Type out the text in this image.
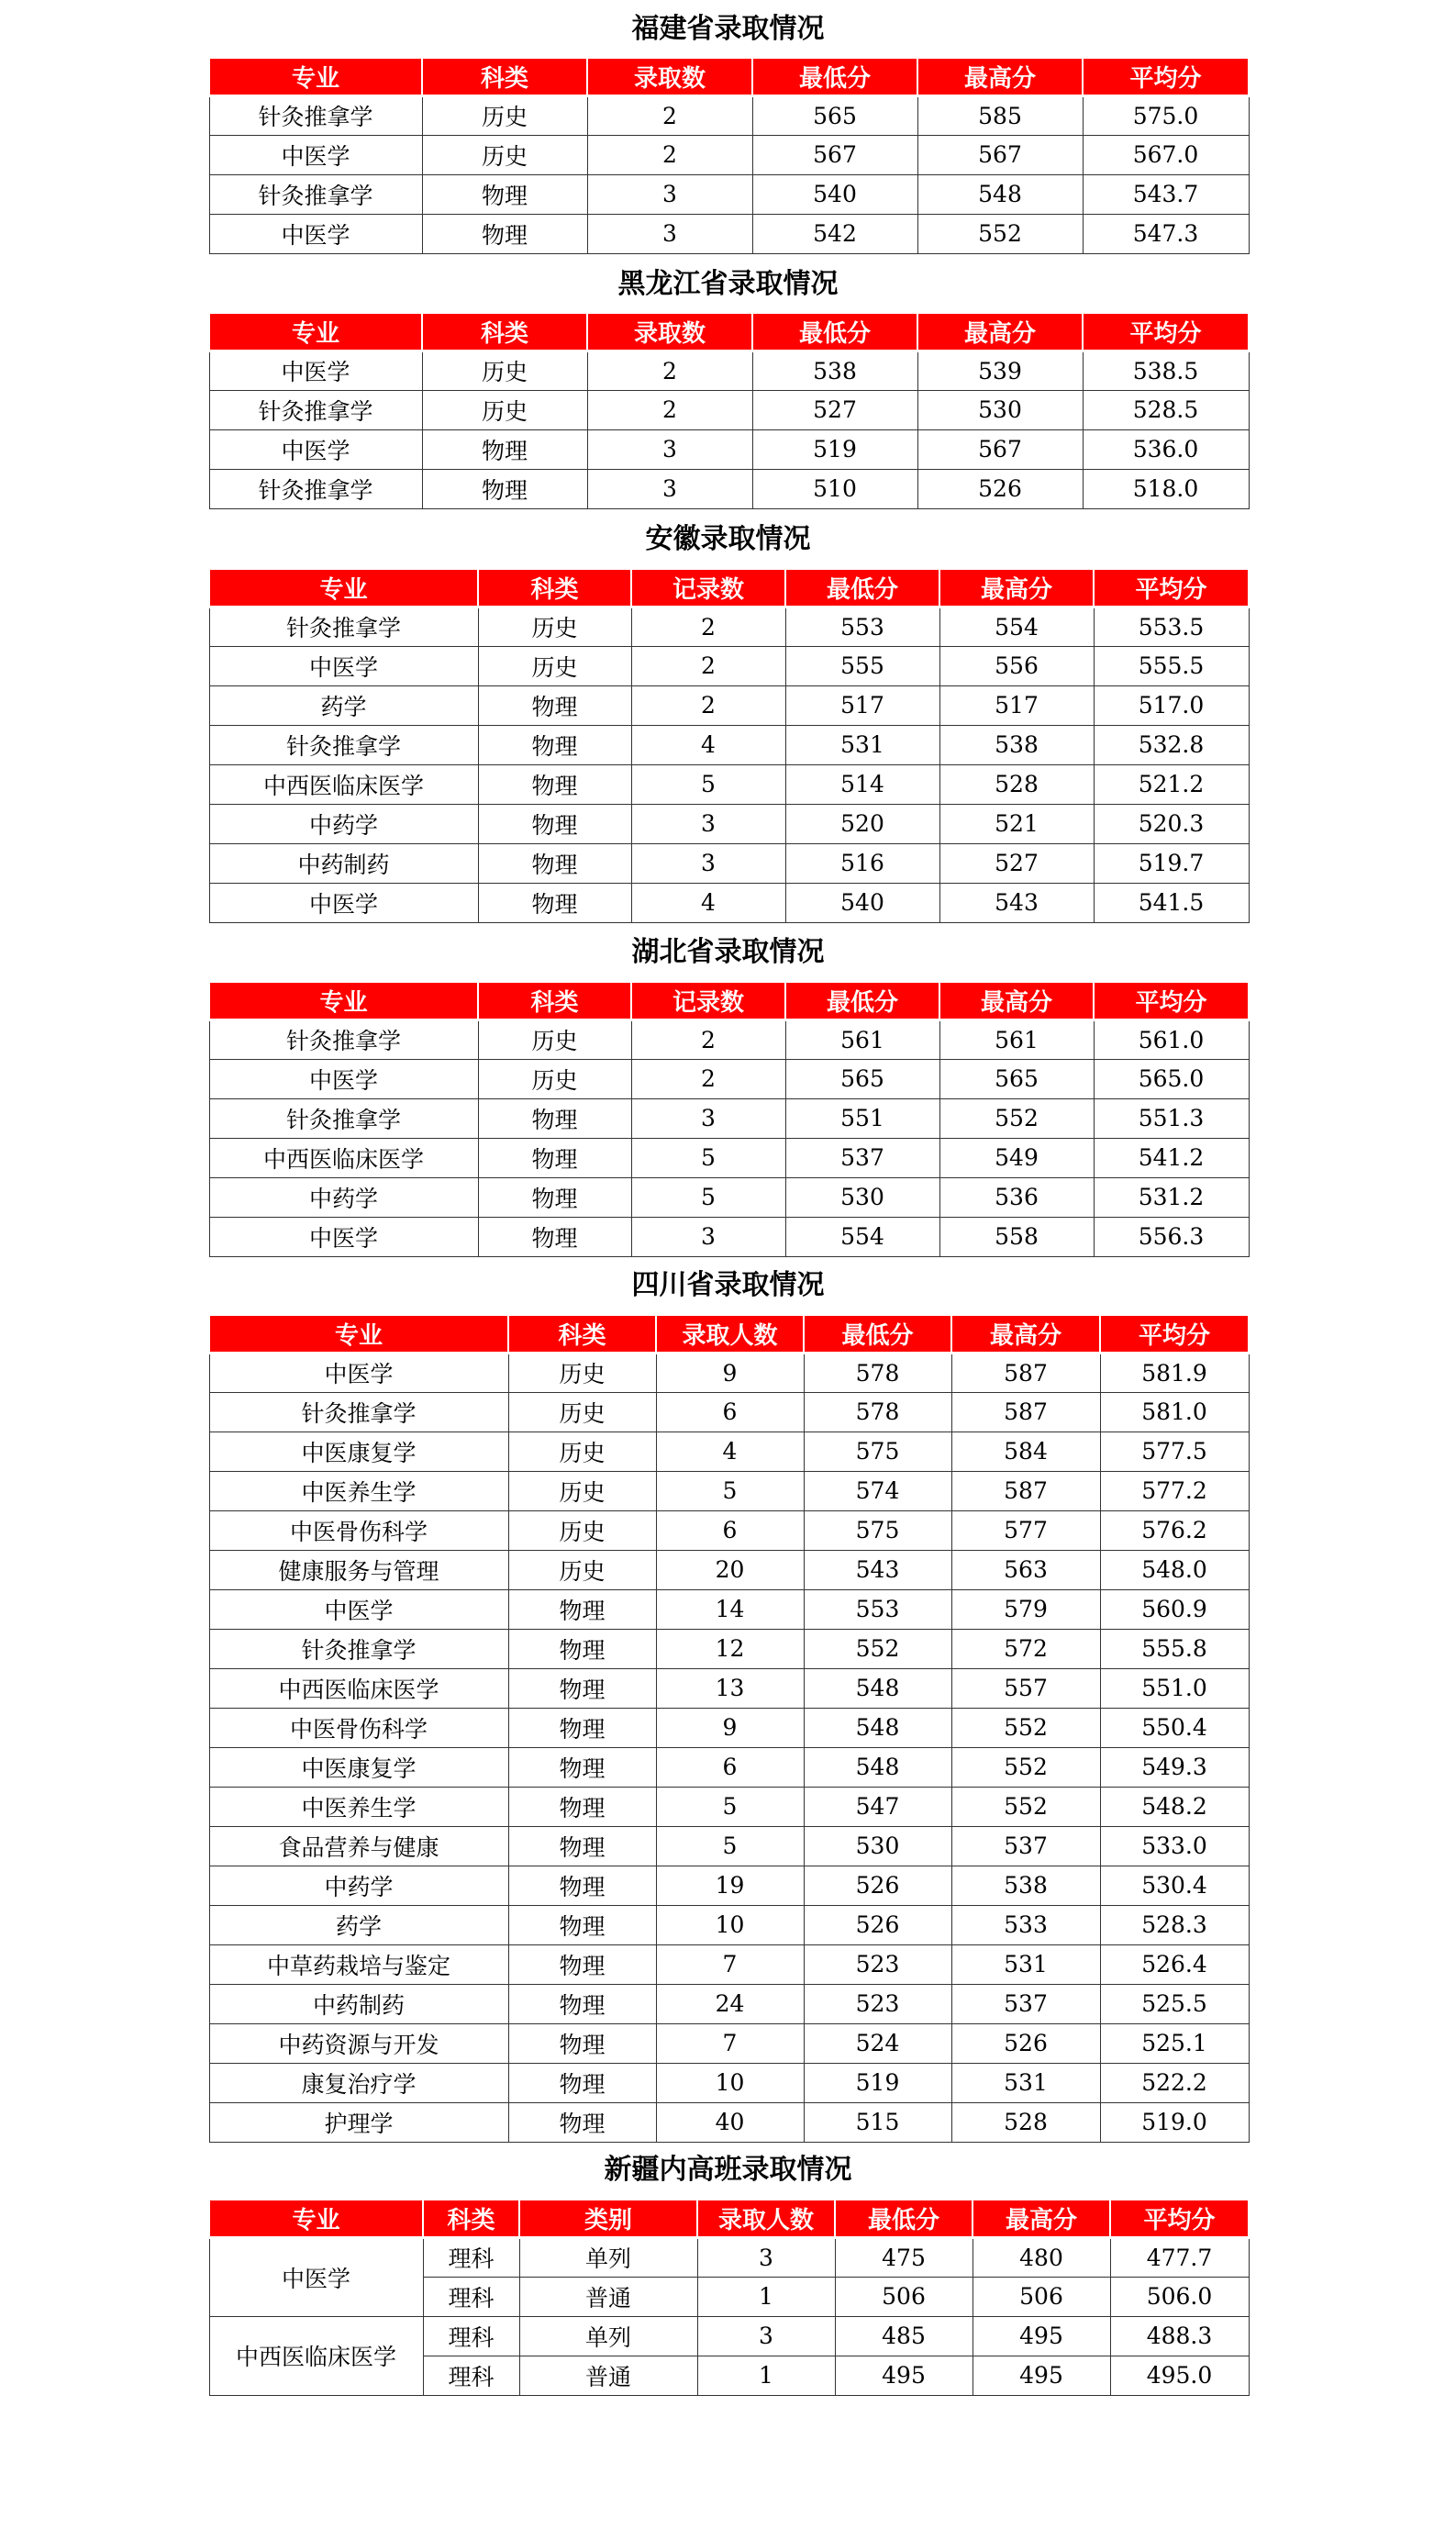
福建省录取情况
专业	科类	录取数	最低分	最高分	平均分
针灸推拿学	历史	2	565	585	575.0
中医学	历史	2	567	567	567.0
针灸推拿学	物理	3	540	548	543.7
中医学	物理	3	542	552	547.3
黑龙江省录取情况
专业	科类	录取数	最低分	最高分	平均分
中医学	历史	2	538	539	538.5
针灸推拿学	历史	2	527	530	528.5
中医学	物理	3	519	567	536.0
针灸推拿学	物理	3	510	526	518.0
安徽录取情况
专业	科类	记录数	最低分	最高分	平均分
针灸推拿学	历史	2	553	554	553.5
中医学	历史	2	555	556	555.5
药学	物理	2	517	517	517.0
针灸推拿学	物理	4	531	538	532.8
中西医临床医学	物理	5	514	528	521.2
中药学	物理	3	520	521	520.3
中药制药	物理	3	516	527	519.7
中医学	物理	4	540	543	541.5
湖北省录取情况
专业	科类	记录数	最低分	最高分	平均分
针灸推拿学	历史	2	561	561	561.0
中医学	历史	2	565	565	565.0
针灸推拿学	物理	3	551	552	551.3
中西医临床医学	物理	5	537	549	541.2
中药学	物理	5	530	536	531.2
中医学	物理	3	554	558	556.3
四川省录取情况
专业	科类	录取人数	最低分	最高分	平均分
中医学	历史	9	578	587	581.9
针灸推拿学	历史	6	578	587	581.0
中医康复学	历史	4	575	584	577.5
中医养生学	历史	5	574	587	577.2
中医骨伤科学	历史	6	575	577	576.2
健康服务与管理	历史	20	543	563	548.0
中医学	物理	14	553	579	560.9
针灸推拿学	物理	12	552	572	555.8
中西医临床医学	物理	13	548	557	551.0
中医骨伤科学	物理	9	548	552	550.4
中医康复学	物理	6	548	552	549.3
中医养生学	物理	5	547	552	548.2
食品营养与健康	物理	5	530	537	533.0
中药学	物理	19	526	538	530.4
药学	物理	10	526	533	528.3
中草药栽培与鉴定	物理	7	523	531	526.4
中药制药	物理	24	523	537	525.5
中药资源与开发	物理	7	524	526	525.1
康复治疗学	物理	10	519	531	522.2
护理学	物理	40	515	528	519.0
新疆内高班录取情况
专业	科类	类别	录取人数	最低分	最高分	平均分
中医学	理科	单列	3	475	480	477.7
	理科	普通	1	506	506	506.0
中西医临床医学	理科	单列	3	485	495	488.3
	理科	普通	1	495	495	495.0
